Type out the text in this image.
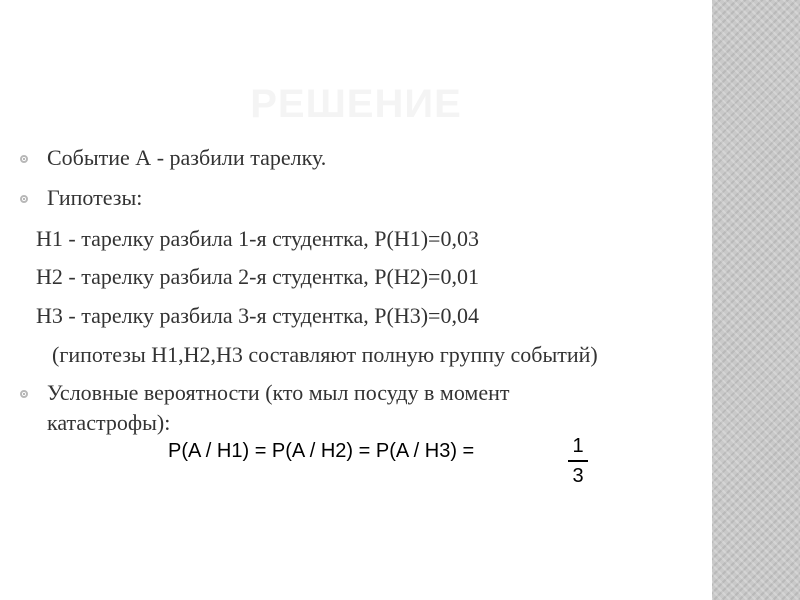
РЕШЕНИЕ
Событие А - разбили тарелку.
Гипотезы:
Н1 - тарелку разбила 1-я студентка, Р(Н1)=0,03
Н2 - тарелку разбила 2-я студентка, Р(Н2)=0,01
Н3 - тарелку разбила 3-я студентка, Р(Н3)=0,04
(гипотезы Н1,Н2,Н3 составляют полную группу событий)
Условные вероятности (кто мыл посуду в момент
катастрофы):
P(A / H1) = P(A / H2) = P(A / H3) =	1
3
